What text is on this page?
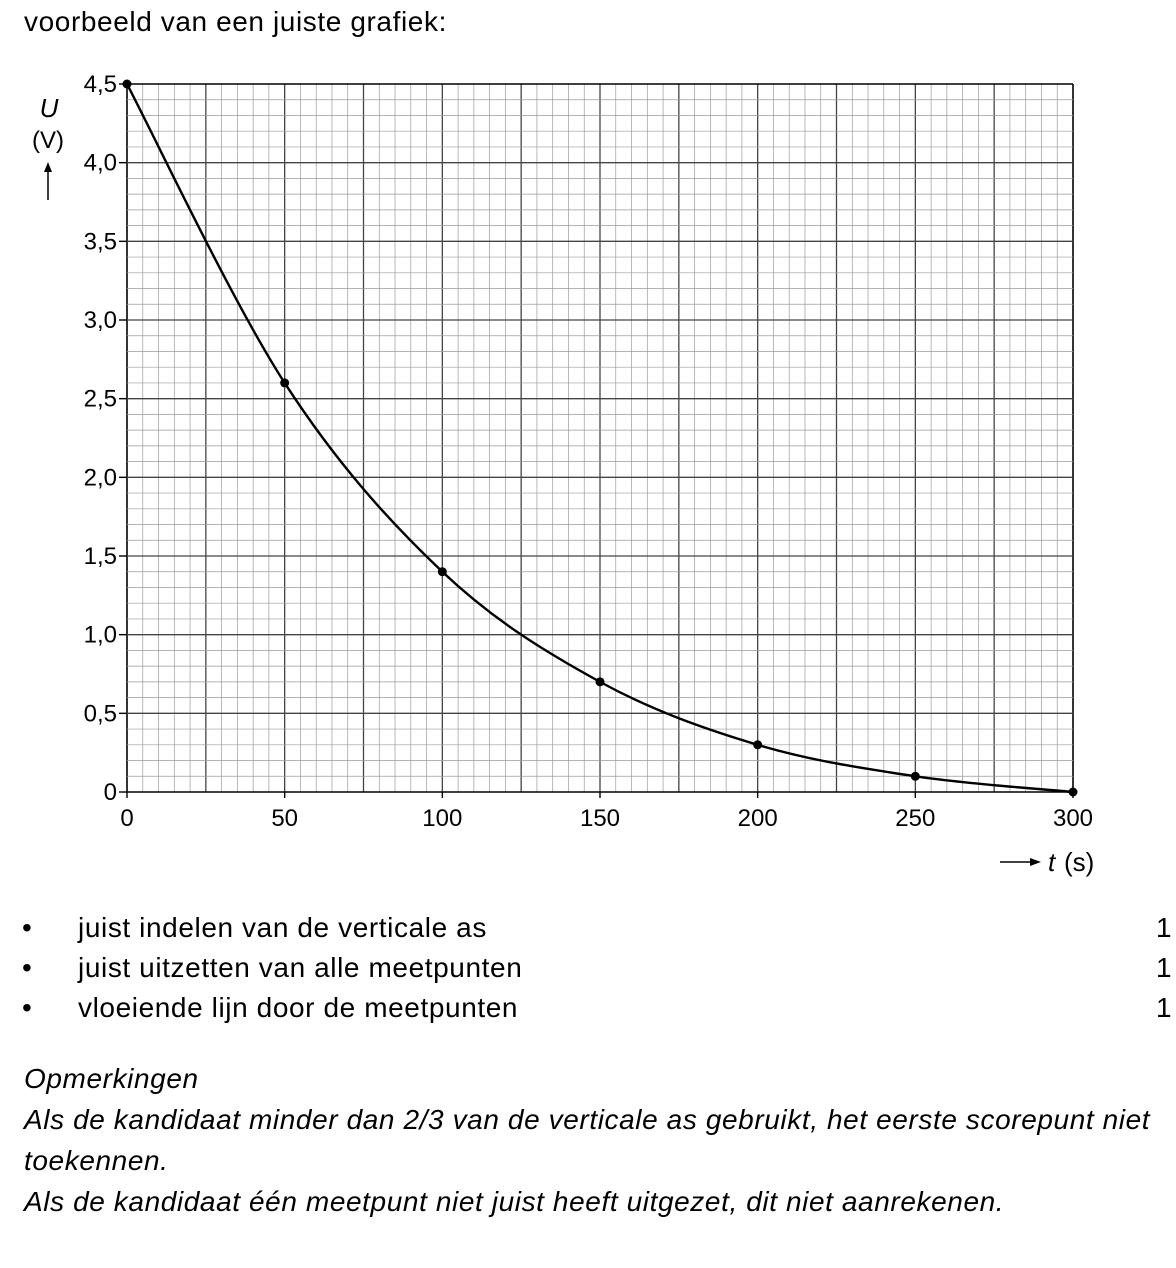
voorbeeld van een juiste grafiek:
0
0,5
1,0
1,5
2,0
2,5
3,0
3,5
4,0
4,5
0	50	100	150	200	250	300
U
(V)
t (s)
• juist indelen van de verticale as	1
• juist uitzetten van alle meetpunten	1
• vloeiende lijn door de meetpunten	1

Opmerkingen

Als de kandidaat minder dan 2/3 van de verticale as gebruikt, het eerste scorepunt niet toekennen.

Als de kandidaat één meetpunt niet juist heeft uitgezet, dit niet aanrekenen.
